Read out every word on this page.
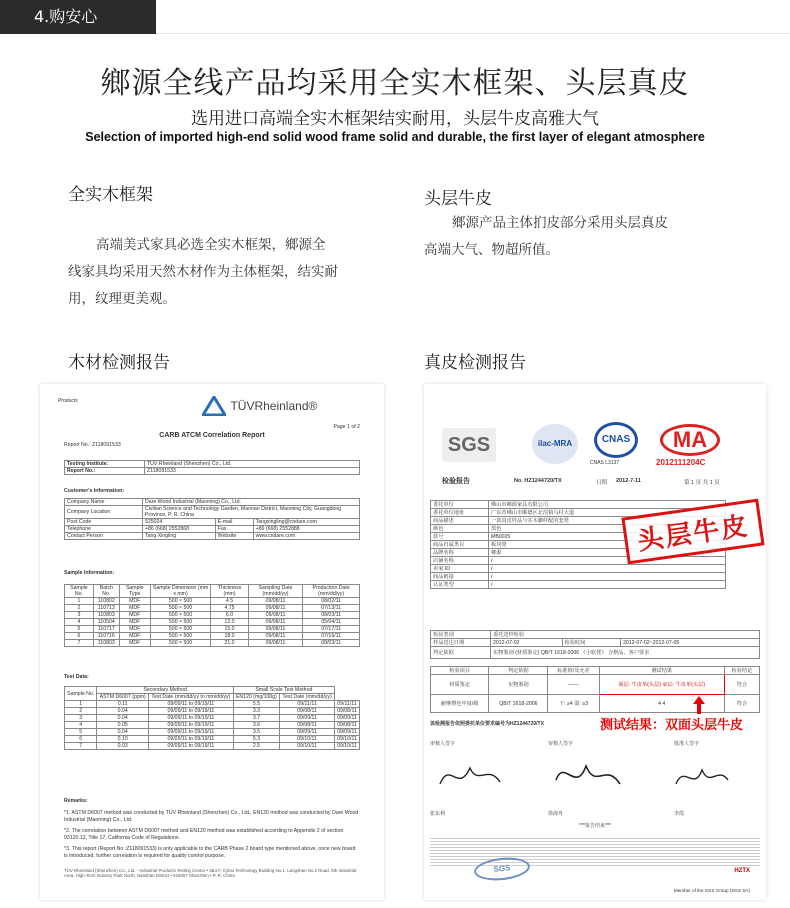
4.购安心
鄉源全线产品均采用全实木框架、头层真皮
选用进口高端全实木框架结实耐用，头层牛皮高雅大气
Selection of imported high-end solid wood frame solid and durable, the first layer of elegant atmosphere
全实木框架
高端美式家具必选全实木框架，鄉源全
线家具均采用天然木材作为主体框架，结实耐
用，纹理更美观。
木材检测报告
头层牛皮
鄉源产品主体扪皮部分采用头层真皮
高端大气、物超所值。
真皮检测报告
Products	TÜVRheinland®
Page 1 of 2
CARB ATCM Correlation Report
Report No.: Z118091533
Testing Institute:	TÜV Rheinland (Shenzhen) Co., Ltd.
Report No.:	Z118091533
Customer's Information:
Company Name	Dare Wood Industrial (Maoming) Co., Ltd.		
Company Location	Civilian Science and Technology Garden, Maonan District, Maoming City, Guangdong Province, P. R. China		
Post Code	525024	E-mail	Tangxingling@cndare.com
Telephone	+86 (668) 2552868	Fax	+86 (668) 2552888
Contact Person	Tang Xingling	Website	www.cndare.com
Sample Information:
Sample No.	Batch No.	Sample Type	Sample Dimension (mm x mm)	Thickness (mm)	Sampling Date (mm/dd/yy)	Production Date (mm/dd/yy)
1	110802	MDF	500 × 500	4.5	09/08/11	08/02/11
2	110713	MDF	500 × 500	4.75	09/08/11	07/13/11
3	110803	MDF	500 × 500	6.0	09/08/11	08/03/11
4	110504	MDF	500 × 500	12.0	09/08/11	05/04/11
5	110717	MDF	500 × 500	15.0	09/08/11	07/17/11
6	110716	MDF	500 × 500	18.0	09/08/11	07/16/11
7	110803	MDF	500 × 500	21.0	09/08/11	08/03/11
Test Data:
Sample No.	Secondary Method		Small Scale Test Method		
	ASTM D6007 (ppm)	Test Date (mm/dd/yy to mm/dd/yy)	EN120 (mg/100g)	Test Date (mm/dd/yy)	
1	0.11	09/09/11 to 09/19/11	5.5	09/11/11	09/11/11
2	0.04	09/09/11 to 09/19/11	3.3	09/08/11	09/08/11
3	0.04	09/09/11 to 09/19/11	3.7	09/09/11	09/09/11
4	0.05	09/09/11 to 09/19/11	3.6	09/08/11	09/08/11
5	0.04	09/09/11 to 09/19/11	3.5	09/09/11	09/09/11
6	0.10	09/09/11 to 09/19/11	5.3	09/10/11	09/10/11
7	0.03	09/09/11 to 09/19/11	2.5	09/10/11	09/10/11
Remarks:
*1. ASTM D6007 method was conducted by TÜV Rheinland (Shenzhen) Co., Ltd., EN120 method was conducted by Dare Wood Industrial (Maoming) Co., Ltd.
*2. The correlation between ASTM D6007 method and EN120 method was established according to Appendix 2 of section 93120.12, Title 17, California Code of Regulations.
*3. This report (Report No.:Z118091533) is only applicable to the CARB Phase 2 board type mentioned above, once new board is introduced, further correlation is required for quality control purpose.
TÜV Rheinland (Shenzhen) Co., Ltd. - Industrial Products Testing Center • 3&4 F, Cybio Technology Building No.1, Langshan No.2 Road, 5th Industrial Area, High-Tech Industry Park North, Nanshan District • 518057 Shenzhen • P. R. China
SGS	ilac-MRA	CNAS
CNAS L3137
MA
2012111204C
检验报告	No. HZ1244720/TX	日期 2012-7-11	第 1 页 共 1 页
委托单位	佛山市鄉源家具有限公司
委托单位地址	广东省佛山市顺德区北滘镇马村大道
商品描述	一款真皮样品与实木脚样配的套凳
颜色	黑色
款号	MB0025
商品归属类目	板块凳
品牌名称	鄉源
店铺名称	/
卖家 ID	/
商品链接	/
认证类型	/
检验类别	委托送样检验		
样品送达日期	2012-07-02	检验时间	2012-07-02~2012-07-05
判定依据	实物鉴别 (材质鉴定) QB/T 1618-2006 《小软凳》 合格品，客户要求		
检验项目	判定依据	标准值/及允差	测试结果	检验结论
材质鉴定	实物鉴别	——	面层: 牛皮革(头层) 底层: 牛皮革(头层)	符合
耐摩擦色牢度/级	QB/T 1618-2006	干: ≥4 湿: ≥3	4 4	符合
头层牛皮
测试结果：双面头层牛皮
该检测报告依照委托单位要求编号为HZ1244720/TX
审核人签字	审核人签字	批准人签字
张东利	徐海舟	李霞
***报告结束***
SGS	HZTX
Member of the SGS Group (SGS SA)
